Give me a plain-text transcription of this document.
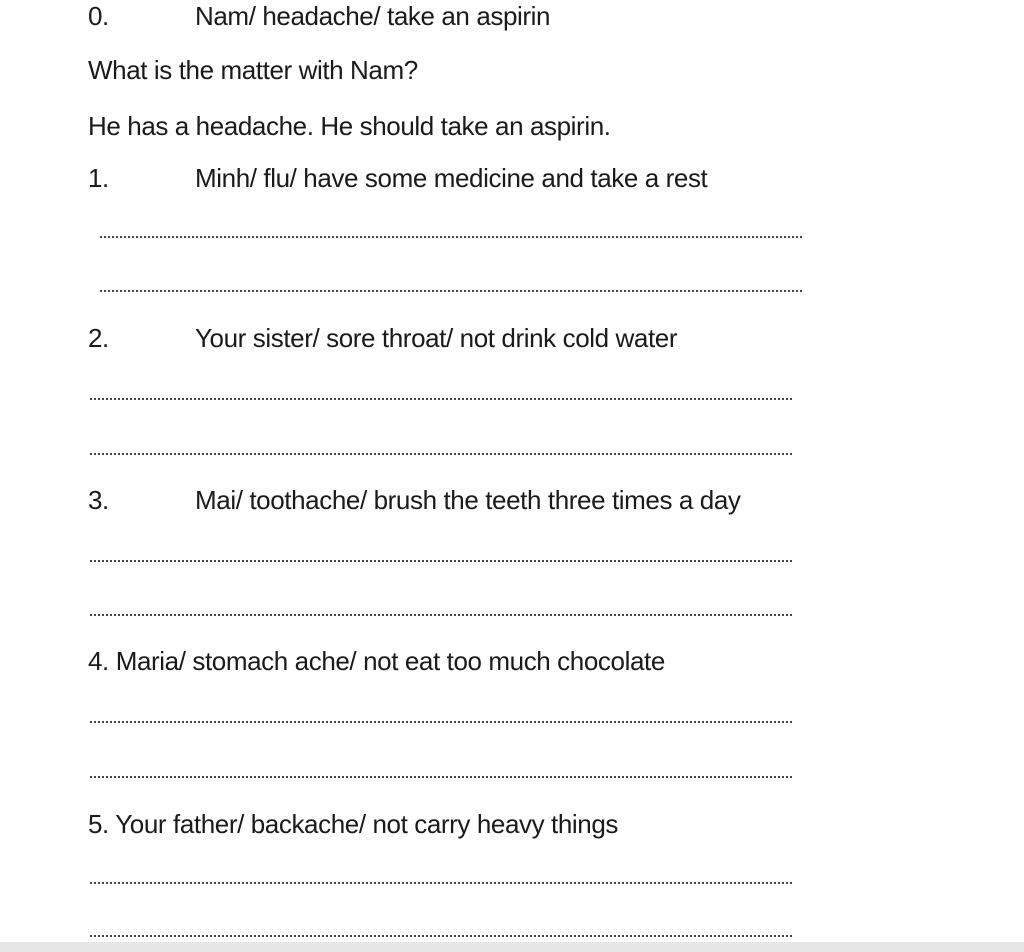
0.	Nam/ headache/ take an aspirin
What is the matter with Nam?
He has a headache. He should take an aspirin.
1.	Minh/ flu/ have some medicine and take a rest
2.	Your sister/ sore throat/ not drink cold water
3.	Mai/ toothache/ brush the teeth three times a day
4. Maria/ stomach ache/ not eat too much chocolate
5. Your father/ backache/ not carry heavy things
